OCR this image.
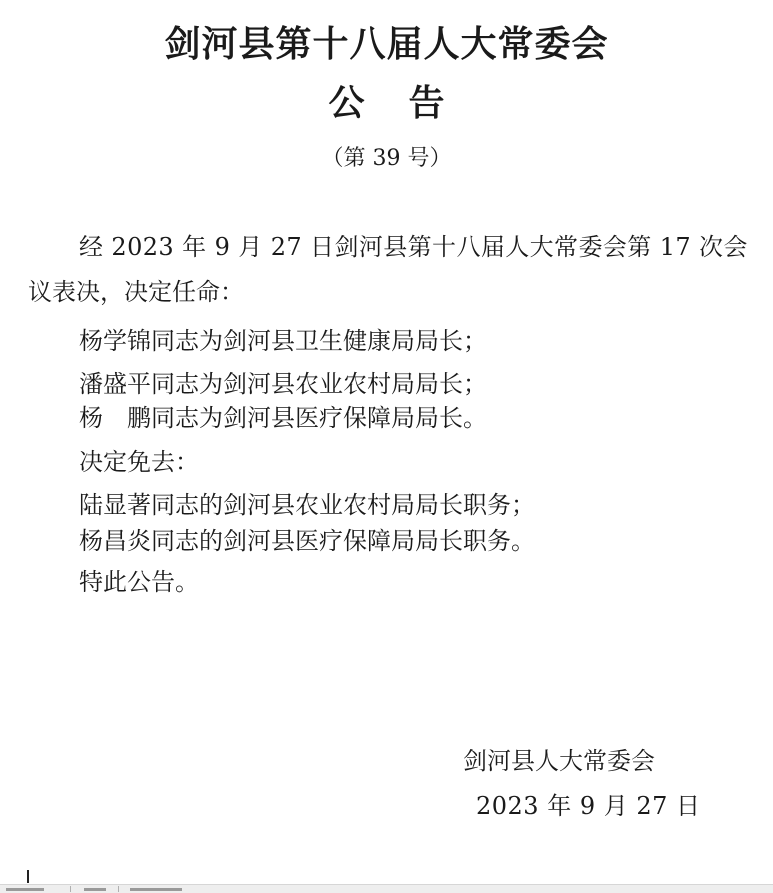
剑河县第十八届人大常委会
公告
（第 39 号）
经 2023 年 9 月 27 日剑河县第十八届人大常委会第 17 次会
议表决，决定任命：
杨学锦同志为剑河县卫生健康局局长；
潘盛平同志为剑河县农业农村局局长；
杨　鹏同志为剑河县医疗保障局局长。
决定免去：
陆显著同志的剑河县农业农村局局长职务；
杨昌炎同志的剑河县医疗保障局局长职务。
特此公告。
剑河县人大常委会
2023 年 9 月 27 日
